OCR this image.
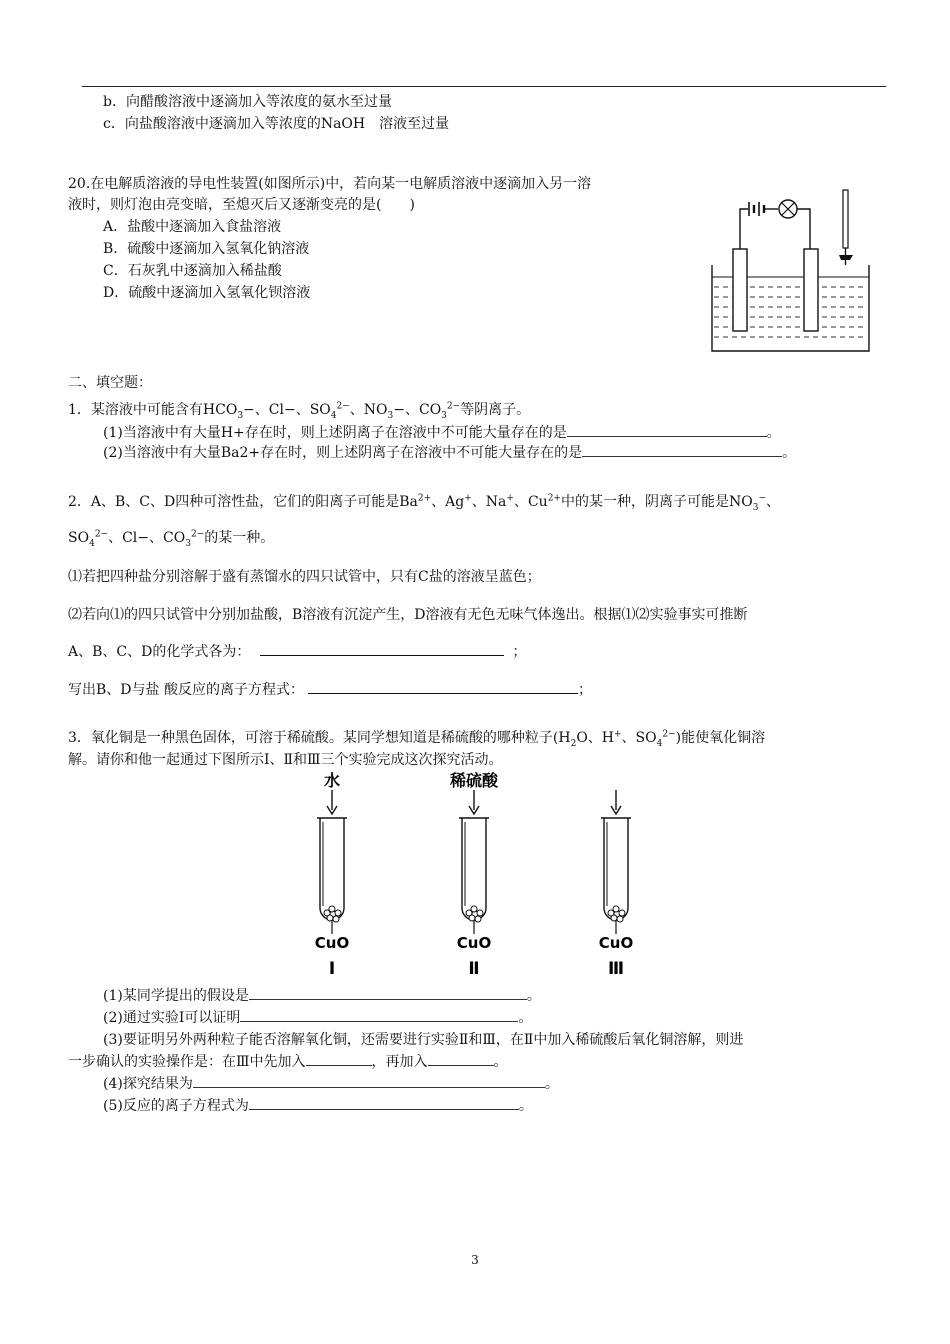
b．向醋酸溶液中逐滴加入等浓度的氨水至过量
c．向盐酸溶液中逐滴加入等浓度的NaOH　溶液至过量
20.在电解质溶液的导电性装置(如图所示)中，若向某一电解质溶液中逐滴加入另一溶
液时，则灯泡由亮变暗，至熄灭后又逐渐变亮的是(　　)
A．盐酸中逐滴加入食盐溶液
B．硫酸中逐滴加入氢氧化钠溶液
C．石灰乳中逐滴加入稀盐酸
D．硫酸中逐滴加入氢氧化钡溶液
二、填空题：
1．某溶液中可能含有$HCO_3-$、Cl−、$SO_4^{2-}$、$NO_3-$、$CO_3^{2-}$等阴离子。
(1)当溶液中有大量H+存在时，则上述阴离子在溶液中不可能大量存在的是	。
(2)当溶液中有大量Ba2+存在时，则上述阴离子在溶液中不可能大量存在的是	。
2．A、B、C、D四种可溶性盐，它们的阳离子可能是$Ba^{2+}$、Ag+、Na+、$Cu^{2+}$中的某一种，阴离子可能是$NO_3^-$、
$SO_4^{2-}$、Cl−、$CO_3^{2-}$的某一种。
⑴若把四种盐分别溶解于盛有蒸馏水的四只试管中，只有C盐的溶液呈蓝色；
⑵若向⑴的四只试管中分别加盐酸，B溶液有沉淀产生，D溶液有无色无味气体逸出。根据⑴⑵实验事实可推断
A、B、C、D的化学式各为：	；
写出B、D与盐 酸反应的离子方程式：	；
3．氧化铜是一种黑色固体，可溶于稀硫酸。某同学想知道是稀硫酸的哪种粒子($H_2O$、H+、$SO_4^{2-}$)能使氧化铜溶
解。请你和他一起通过下图所示Ⅰ、Ⅱ和Ⅲ三个实验完成这次探究活动。
水
CuO
Ⅰ
稀硫酸
CuO
Ⅱ
CuO
Ⅲ
(1)某同学提出的假设是	。
(2)通过实验Ⅰ可以证明	。
(3)要证明另外两种粒子能否溶解氧化铜，还需要进行实验Ⅱ和Ⅲ，在Ⅱ中加入稀硫酸后氧化铜溶解，则进
一步确认的实验操作是：在Ⅲ中先加入	，再加入	。
(4)探究结果为	。
(5)反应的离子方程式为	。
3
